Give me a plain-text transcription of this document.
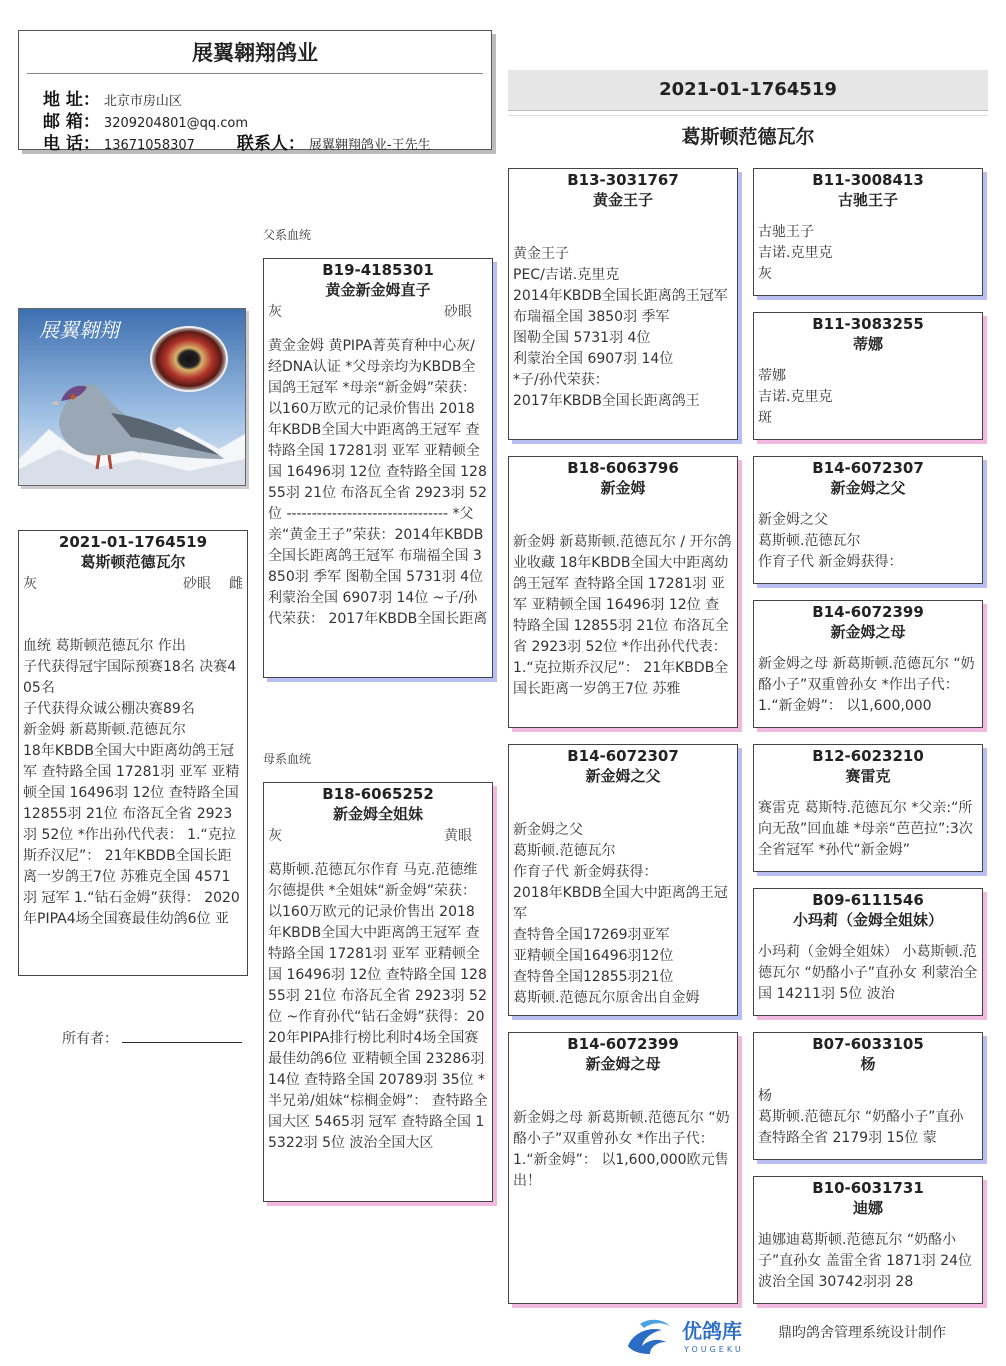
展翼翱翔鸽业
地 址： 北京市房山区
邮 箱： 3209204801@qq.com
电 话： 13671058307 联系人： 展翼翱翔鸽业-王先生
2021-01-1764519
葛斯顿范德瓦尔
父系血统
母系血统
展翼翱翔
2021-01-1764519
葛斯顿范德瓦尔
灰	砂眼 雌
血统 葛斯顿范德瓦尔 作出
子代获得冠宇国际预赛18名 决赛405名
子代获得众诚公棚决赛89名
新金姆 新葛斯顿.范德瓦尔
18年KBDB全国大中距离幼鸽王冠军 查特路全国 17281羽 亚军 亚精顿全国 16496羽 12位 查特路全国 12855羽 21位 布洛瓦全省 2923羽 52位 *作出孙代代表： 1.“克拉斯乔汉尼”： 21年KBDB全国长距离一岁鸽王7位 苏雅克全国 4571羽 冠军 1.“钻石金姆”获得： 2020年PIPA4场全国赛最佳幼鸽6位 亚
所有者：
B19-4185301
黄金新金姆直子
灰	砂眼
黄金金姆 黄PIPA菁英育种中心灰/经DNA认证 *父母亲均为KBDB全国鸽王冠军 *母亲“新金姆”荣获： 以160万欧元的记录价售出 2018年KBDB全国大中距离鸽王冠军 查特路全国 17281羽 亚军 亚精顿全国 16496羽 12位 查特路全国 12855羽 21位 布洛瓦全省 2923羽 52位 -------------------------------- *父亲“黄金王子”荣获：2014年KBDB全国长距离鸽王冠军 布瑞福全国 3850羽 季军 图勒全国 5731羽 4位 利蒙治全国 6907羽 14位 ~子/孙代荣获： 2017年KBDB全国长距离
B18-6065252
新金姆全姐妹
灰	黄眼
葛斯顿.范德瓦尔作育 马克.范德维尔德提供 *全姐妹“新金姆”荣获： 以160万欧元的记录价售出 2018年KBDB全国大中距离鸽王冠军 查特路全国 17281羽 亚军 亚精顿全国 16496羽 12位 查特路全国 12855羽 21位 布洛瓦全省 2923羽 52位 ~作育孙代“钻石金姆”获得：2020年PIPA排行榜比利时4场全国赛 最佳幼鸽6位 亚精顿全国 23286羽 14位 查特路全国 20789羽 35位 *半兄弟/姐妹“棕榈金姆”： 查特路全国大区 5465羽 冠军 查特路全国 15322羽 5位 波治全国大区
B13-3031767
黄金王子
黄金王子
PEC/吉诺.克里克
2014年KBDB全国长距离鸽王冠军
布瑞福全国 3850羽 季军
图勒全国 5731羽 4位
利蒙治全国 6907羽 14位
*子/孙代荣获：
2017年KBDB全国长距离鸽王
B18-6063796
新金姆
新金姆 新葛斯顿.范德瓦尔 / 开尔鸽业收藏 18年KBDB全国大中距离幼鸽王冠军 查特路全国 17281羽 亚军 亚精顿全国 16496羽 12位 查特路全国 12855羽 21位 布洛瓦全省 2923羽 52位 *作出孙代代表：1.“克拉斯乔汉尼”： 21年KBDB全国长距离一岁鸽王7位 苏雅
B14-6072307
新金姆之父
新金姆之父
葛斯顿.范德瓦尔
作育子代 新金姆获得：
2018年KBDB全国大中距离鸽王冠军
查特鲁全国17269羽亚军
亚精顿全国16496羽12位
查特鲁全国12855羽21位
葛斯顿.范德瓦尔原舍出自金姆
B14-6072399
新金姆之母
新金姆之母 新葛斯顿.范德瓦尔 “奶酪小子”双重曾孙女 *作出子代： 1.“新金姆”： 以1,600,000欧元售出！
B11-3008413
古驰王子
古驰王子
吉诺.克里克
灰
B11-3083255
蒂娜
蒂娜
吉诺.克里克
斑
B14-6072307
新金姆之父
新金姆之父
葛斯顿.范德瓦尔
作育子代 新金姆获得：
B14-6072399
新金姆之母
新金姆之母 新葛斯顿.范德瓦尔 “奶酪小子”双重曾孙女 *作出子代： 1.“新金姆”： 以1,600,000
B12-6023210
赛雷克
赛雷克 葛斯特.范德瓦尔 *父亲:“所向无敌”回血雄 *母亲“芭芭拉”:3次全省冠军 *孙代“新金姆”
B09-6111546
小玛莉（金姆全姐妹）
小玛莉（金姆全姐妹） 小葛斯顿.范德瓦尔 “奶酪小子”直孙女 利蒙治全国 14211羽 5位 波治
B07-6033105
杨
杨
葛斯顿.范德瓦尔 “奶酪小子”直孙 查特路全省 2179羽 15位 蒙
B10-6031731
迪娜
迪娜迪葛斯顿.范德瓦尔 “奶酪小子”直孙女 盖雷全省 1871羽 24位 波治全国 30742羽羽 28
优鸽库
YOUGEKU
鼎昀鸽舍管理系统设计制作
